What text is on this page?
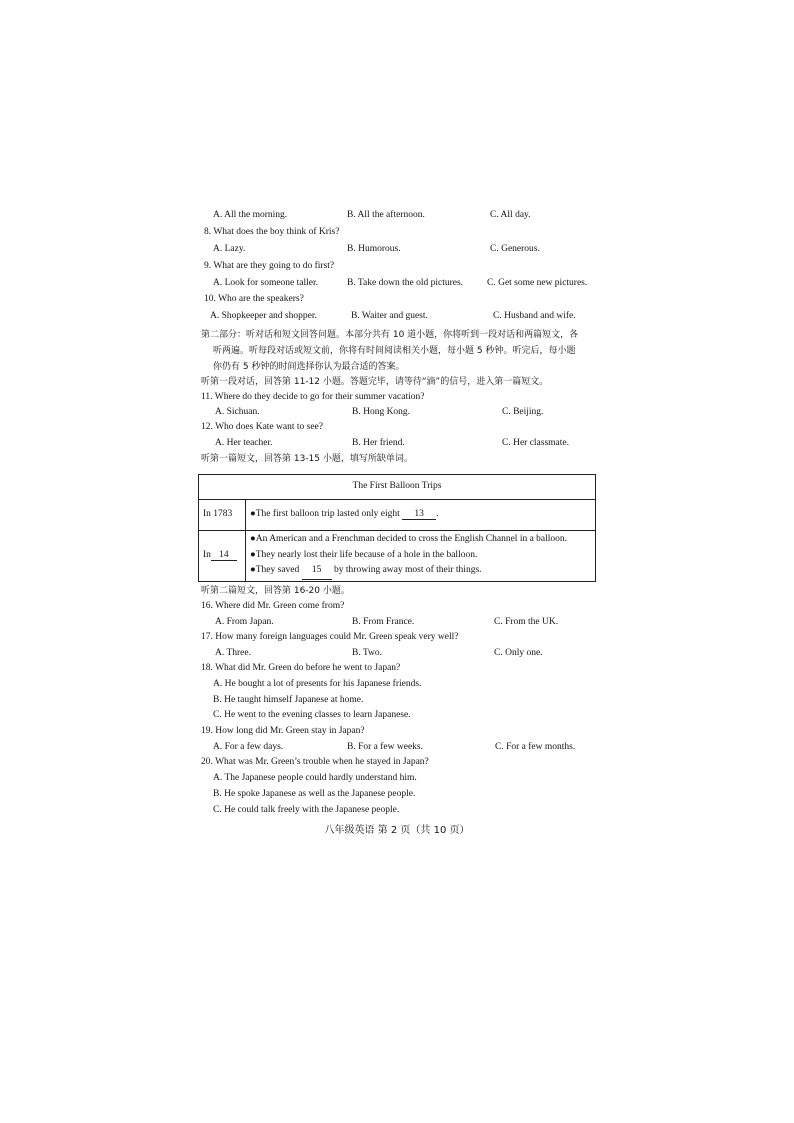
A. All the morning.	B. All the afternoon.	C. All day.
8. What does the boy think of Kris?
A. Lazy.	B. Humorous.	C. Generous.
9. What are they going to do first?
A. Look for someone taller.	B. Take down the old pictures.	C. Get some new pictures.
10. Who are the speakers?
A. Shopkeeper and shopper.	B. Waiter and guest.	C. Husband and wife.
第二部分：听对话和短文回答问题。本部分共有 10 道小题，你将听到一段对话和两篇短文，各
听两遍。听每段对话或短文前，你将有时间阅读相关小题，每小题 5 秒钟。听完后，每小题
你仍有 5 秒钟的时间选择你认为最合适的答案。
听第一段对话，回答第 11-12 小题。答题完毕，请等待“滴”的信号，进入第一篇短文。
11. Where do they decide to go for their summer vacation?
A. Sichuan.	B. Hong Kong.	C. Beijing.
12. Who does Kate want to see?
A. Her teacher.	B. Her friend.	C. Her classmate.
听第一篇短文，回答第 13-15 小题，填写所缺单词。
The First Balloon Trips	
In 1783	●The first balloon trip lasted only eight 13 .
In 14	●An American and a Frenchman decided to cross the English Channel in a balloon.
●They nearly lost their life because of a hole in the balloon.
●They saved 15 by throwing away most of their things.
听第二篇短文，回答第 16-20 小题。
16. Where did Mr. Green come from?
A. From Japan.	B. From France.	C. From the UK.
17. How many foreign languages could Mr. Green speak very well?
A. Three.	B. Two.	C. Only one.
18. What did Mr. Green do before he went to Japan?
A. He bought a lot of presents for his Japanese friends.
B. He taught himself Japanese at home.
C. He went to the evening classes to learn Japanese.
19. How long did Mr. Green stay in Japan?
A. For a few days.	B. For a few weeks.	C. For a few months.
20. What was Mr. Green’s trouble when he stayed in Japan?
A. The Japanese people could hardly understand him.
B. He spoke Japanese as well as the Japanese people.
C. He could talk freely with the Japanese people.
八年级英语 第 2 页（共 10 页）
